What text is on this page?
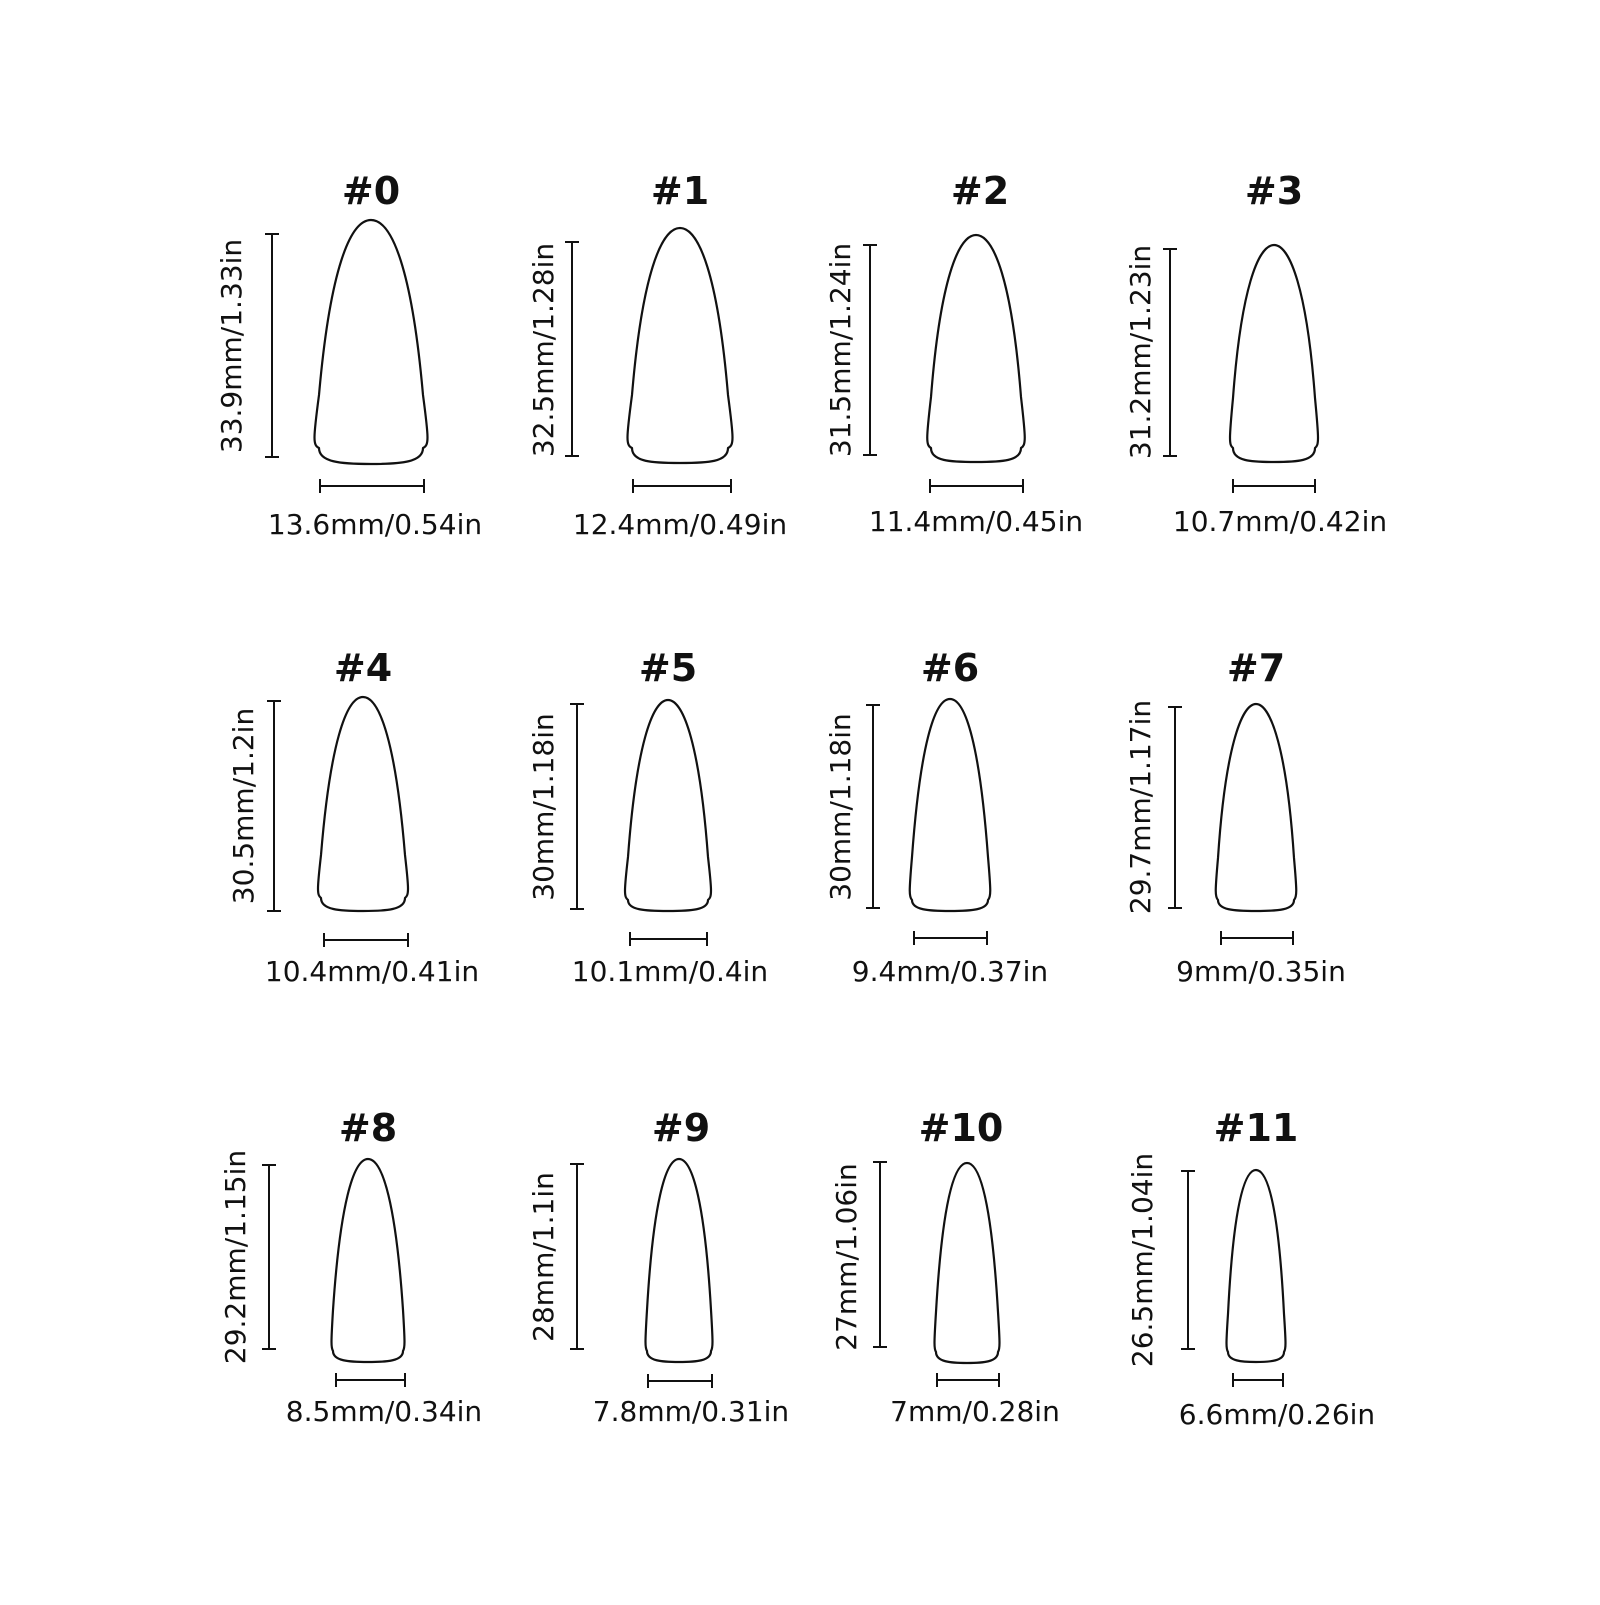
#0
33.9mm/1.33in
13.6mm/0.54in
#1
32.5mm/1.28in
12.4mm/0.49in
#2
31.5mm/1.24in
11.4mm/0.45in
#3
31.2mm/1.23in
10.7mm/0.42in
#4
30.5mm/1.2in
10.4mm/0.41in
#5
30mm/1.18in
10.1mm/0.4in
#6
30mm/1.18in
9.4mm/0.37in
#7
29.7mm/1.17in
9mm/0.35in
#8
29.2mm/1.15in
8.5mm/0.34in
#9
28mm/1.1in
7.8mm/0.31in
#10
27mm/1.06in
7mm/0.28in
#11
26.5mm/1.04in
6.6mm/0.26in
